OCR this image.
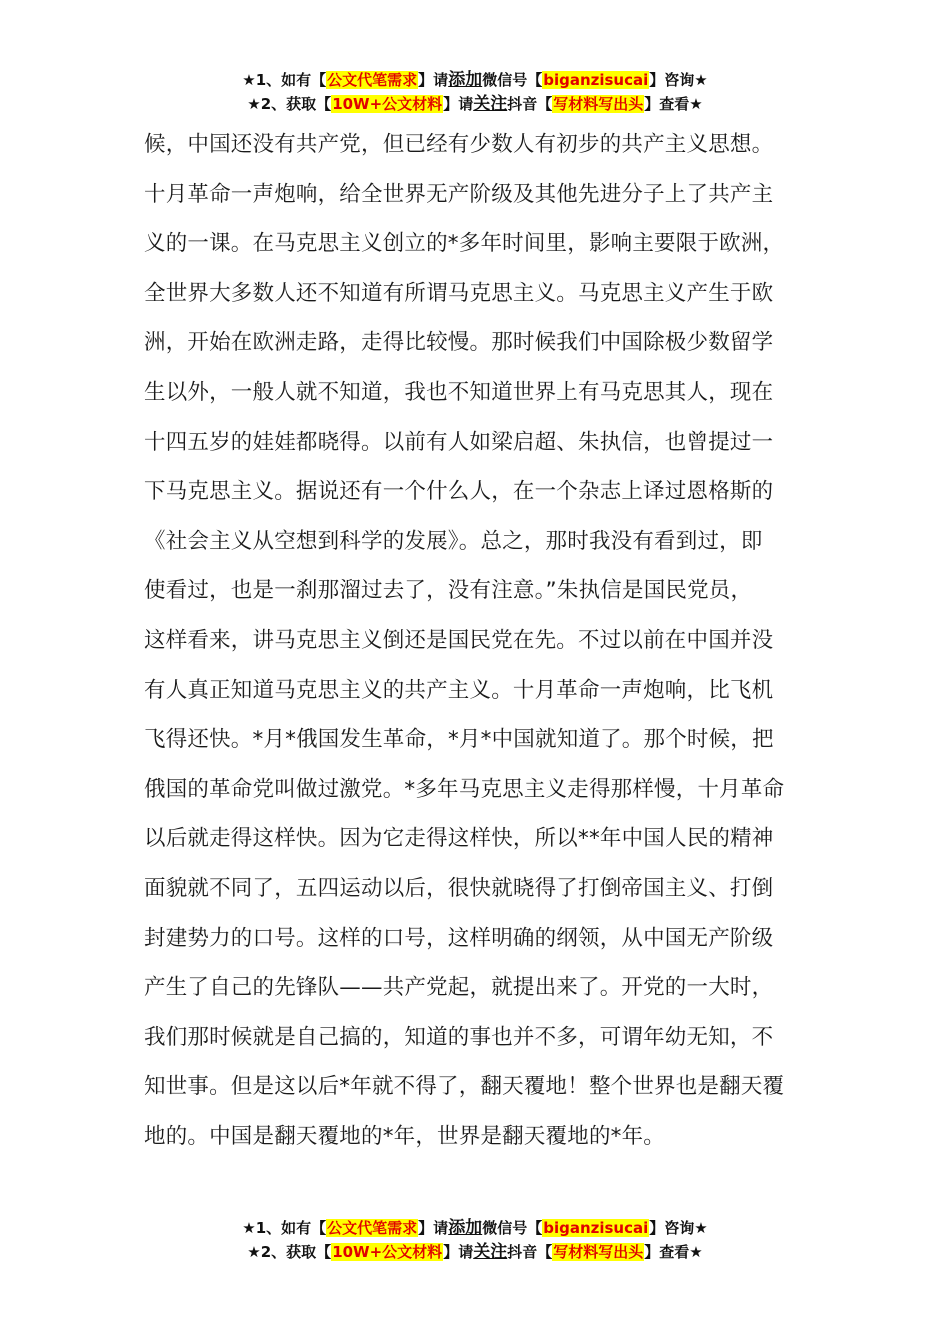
★1、如有【公文代笔需求】请添加微信号【biganzisucai】咨询★
★2、获取【10W+公文材料】请关注抖音【写材料写出头】查看★
候，中国还没有共产党，但已经有少数人有初步的共产主义思想。
十月革命一声炮响，给全世界无产阶级及其他先进分子上了共产主
义的一课。在马克思主义创立的*多年时间里，影响主要限于欧洲，
全世界大多数人还不知道有所谓马克思主义。马克思主义产生于欧
洲，开始在欧洲走路，走得比较慢。那时候我们中国除极少数留学
生以外，一般人就不知道，我也不知道世界上有马克思其人，现在
十四五岁的娃娃都晓得。以前有人如梁启超、朱执信，也曾提过一
下马克思主义。据说还有一个什么人，在一个杂志上译过恩格斯的
《社会主义从空想到科学的发展》。总之，那时我没有看到过，即
使看过，也是一刹那溜过去了，没有注意。”朱执信是国民党员，
这样看来，讲马克思主义倒还是国民党在先。不过以前在中国并没
有人真正知道马克思主义的共产主义。十月革命一声炮响，比飞机
飞得还快。*月*俄国发生革命，*月*中国就知道了。那个时候，把
俄国的革命党叫做过激党。*多年马克思主义走得那样慢，十月革命
以后就走得这样快。因为它走得这样快，所以**年中国人民的精神
面貌就不同了，五四运动以后，很快就晓得了打倒帝国主义、打倒
封建势力的口号。这样的口号，这样明确的纲领，从中国无产阶级
产生了自己的先锋队——共产党起，就提出来了。开党的一大时，
我们那时候就是自己搞的，知道的事也并不多，可谓年幼无知，不
知世事。但是这以后*年就不得了，翻天覆地！整个世界也是翻天覆
地的。中国是翻天覆地的*年，世界是翻天覆地的*年。
★1、如有【公文代笔需求】请添加微信号【biganzisucai】咨询★
★2、获取【10W+公文材料】请关注抖音【写材料写出头】查看★
